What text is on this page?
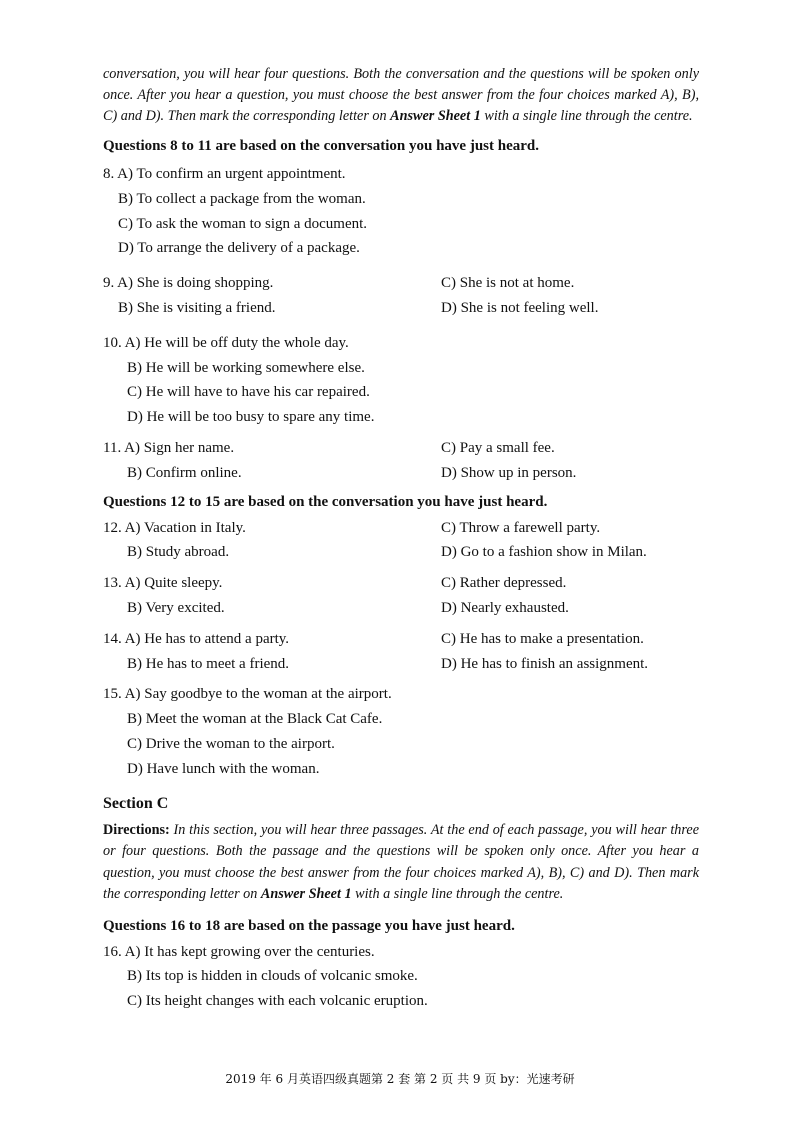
conversation, you will hear four questions. Both the conversation and the questions will be spoken only once. After you hear a question, you must choose the best answer from the four choices marked A), B), C) and D). Then mark the corresponding letter on Answer Sheet 1 with a single line through the centre.

Questions 8 to 11 are based on the conversation you have just heard.
8. A) To confirm an urgent appointment.
B) To collect a package from the woman.
C) To ask the woman to sign a document.
D) To arrange the delivery of a package.
9. A) She is doing shopping.	C) She is not at home.
B) She is visiting a friend.	D) She is not feeling well.
10. A) He will be off duty the whole day.
B) He will be working somewhere else.
C) He will have to have his car repaired.
D) He will be too busy to spare any time.
11. A) Sign her name.	C) Pay a small fee.
B) Confirm online.	D) Show up in person.
Questions 12 to 15 are based on the conversation you have just heard.
12. A) Vacation in Italy.	C) Throw a farewell party.
B) Study abroad.	D) Go to a fashion show in Milan.
13. A) Quite sleepy.	C) Rather depressed.
B) Very excited.	D) Nearly exhausted.
14. A) He has to attend a party.	C) He has to make a presentation.
B) He has to meet a friend.	D) He has to finish an assignment.
15. A) Say goodbye to the woman at the airport.
B) Meet the woman at the Black Cat Cafe.
C) Drive the woman to the airport.
D) Have lunch with the woman.
Section C

Directions: In this section, you will hear three passages. At the end of each passage, you will hear three or four questions. Both the passage and the questions will be spoken only once. After you hear a question, you must choose the best answer from the four choices marked A), B), C) and D). Then mark the corresponding letter on Answer Sheet 1 with a single line through the centre.

Questions 16 to 18 are based on the passage you have just heard.
16. A) It has kept growing over the centuries.
B) Its top is hidden in clouds of volcanic smoke.
C) Its height changes with each volcanic eruption.
2019 年 6 月英语四级真题第 2 套 第 2 页 共 9 页 by：光速考研
